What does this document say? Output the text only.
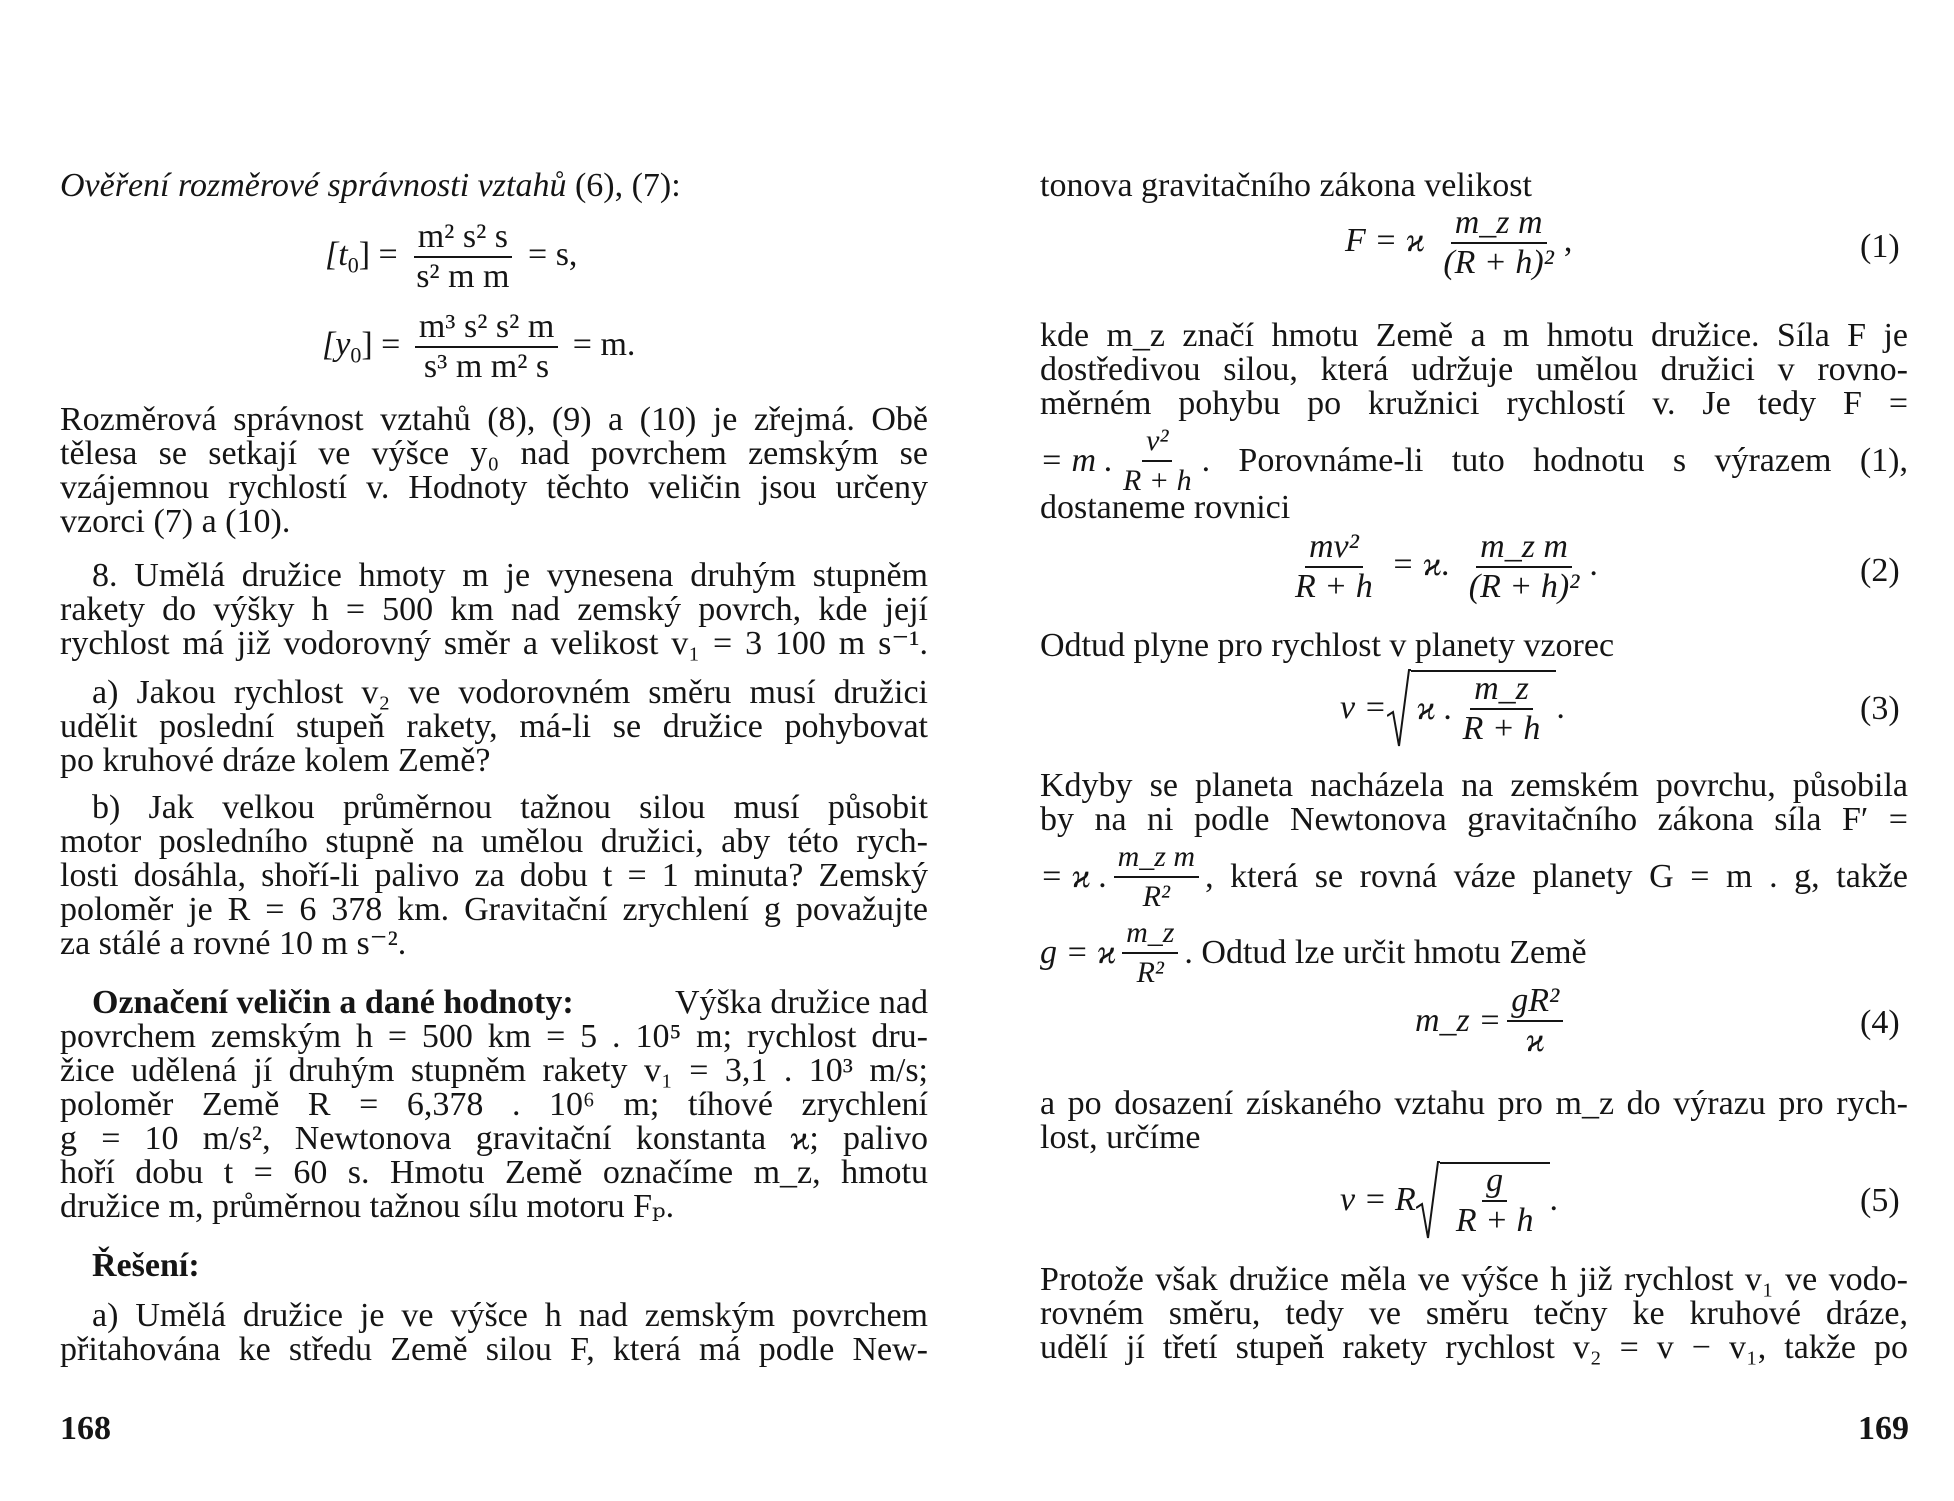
Ověření rozměrové správnosti vztahů (6), (7):
$[t_0] = \frac{\text{m² s² s}}{\text{s² m m}} = s$,
$[y_0] = \frac{\text{m³ s² s² m}}{\text{s³ m m² s}} = m$.
Rozměrová správnost vztahů (8), (9) a (10) je zřejmá. Obě
tělesa se setkají ve výšce y₀ nad povrchem zemským se
vzájemnou rychlostí v. Hodnoty těchto veličin jsou určeny
vzorci (7) a (10).
8. Umělá družice hmoty m je vynesena druhým stupněm
rakety do výšky h = 500 km nad zemský povrch, kde její
rychlost má již vodorovný směr a velikost v₁ = 3 100 m s⁻¹.
a) Jakou rychlost v₂ ve vodorovném směru musí družici
udělit poslední stupeň rakety, má-li se družice pohybovat
po kruhové dráze kolem Země?
b) Jak velkou průměrnou tažnou silou musí působit
motor posledního stupně na umělou družici, aby této rych-
losti dosáhla, shoří-li palivo za dobu t = 1 minuta? Zemský
poloměr je R = 6 378 km. Gravitační zrychlení g považujte
za stálé a rovné 10 m s⁻².
Označení veličin a dané hodnoty:	Výška družice nad
povrchem zemským h = 500 km = 5 . 10⁵ m; rychlost dru-
žice udělená jí druhým stupněm rakety v₁ = 3,1 . 10³ m/s;
poloměr Země R = 6,378 . 10⁶ m; tíhové zrychlení
g = 10 m/s², Newtonova gravitační konstanta ϰ; palivo
hoří dobu t = 60 s. Hmotu Země označíme m_z, hmotu
družice m, průměrnou tažnou sílu motoru Fₚ.
Řešení:
a) Umělá družice je ve výšce h nad zemským povrchem
přitahována ke středu Země silou F, která má podle New-
168
tonova gravitačního zákona velikost
F = ϰ $\frac{\text{m\_z m}}{\text{(R + h)²}}$ ,	(1)
kde m_z značí hmotu Země a m hmotu družice. Síla F je
dostředivou silou, která udržuje umělou družici v rovno-
měrném pohybu po kružnici rychlostí v. Je tedy F =
= m . $\frac{\text{v²}}{R + h}$ . Porovnáme-li tuto hodnotu s výrazem (1),
dostaneme rovnici
$\frac{\text{mv²}}{R + h} = ϰ$. $\frac{\text{m\_z m}}{\text{(R + h)²}}$ .	(2)
Odtud plyne pro rychlost v planety vzorec
v = ϰ . $\frac{m\_z}{R + h}$ .	(3)
Kdyby se planeta nacházela na zemském povrchu, působila
by na ni podle Newtonova gravitačního zákona síla F′ =
= ϰ . $\frac{\text{m\_z m}}{\text{R²}}$ , která se rovná váze planety G = m . g, takže
g = ϰ $\frac{m\_z}{\text{R²}}$ . Odtud lze určit hmotu Země
m_z = $\frac{\text{gR²}}{ϰ}$	(4)
a po dosazení získaného vztahu pro m_z do výrazu pro rych-
lost, určíme
v = R $\frac{g}{R + h}$ .	(5)
Protože však družice měla ve výšce h již rychlost v₁ ve vodo-
rovném směru, tedy ve směru tečny ke kruhové dráze,
udělí jí třetí stupeň rakety rychlost v₂ = v − v₁, takže po
169
